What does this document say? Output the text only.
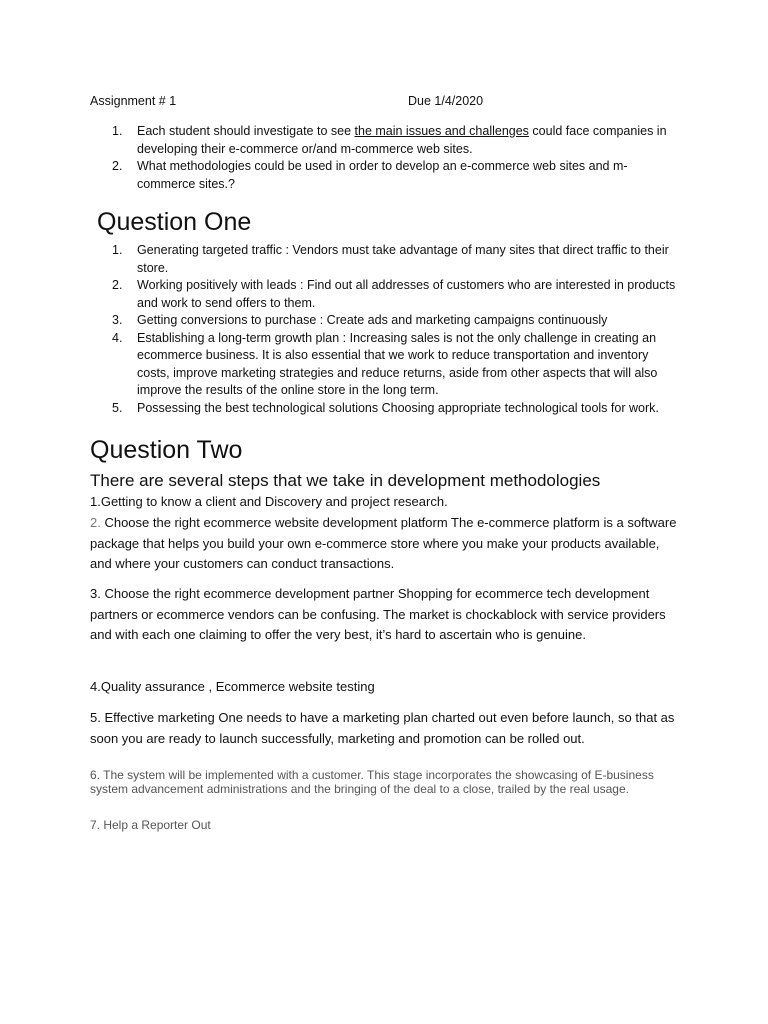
Assignment # 1	Due 1/4/2020
1. Each student should investigate to see the main issues and challenges could face companies in developing their e-commerce or/and m-commerce web sites.
2. What methodologies could be used in order to develop an e-commerce web sites and m-commerce sites.?
Question One
1. Generating targeted traffic : Vendors must take advantage of many sites that direct traffic to their store.
2. Working positively with leads : Find out all addresses of customers who are interested in products and work to send offers to them.
3. Getting conversions to purchase : Create ads and marketing campaigns continuously
4. Establishing a long-term growth plan : Increasing sales is not the only challenge in creating an ecommerce business. It is also essential that we work to reduce transportation and inventory costs, improve marketing strategies and reduce returns, aside from other aspects that will also improve the results of the online store in the long term.
5. Possessing the best technological solutions Choosing appropriate technological tools for work.
Question Two

There are several steps that we take in development methodologies

1.Getting to know a client and Discovery and project research.

2. Choose the right ecommerce website development platform The e-commerce platform is a software package that helps you build your own e-commerce store where you make your products available, and where your customers can conduct transactions.

3. Choose the right ecommerce development partner Shopping for ecommerce tech development partners or ecommerce vendors can be confusing. The market is chockablock with service providers and with each one claiming to offer the very best, it’s hard to ascertain who is genuine.

4.Quality assurance , Ecommerce website testing

5. Effective marketing One needs to have a marketing plan charted out even before launch, so that as soon you are ready to launch successfully, marketing and promotion can be rolled out.

6. The system will be implemented with a customer. This stage incorporates the showcasing of E-business system advancement administrations and the bringing of the deal to a close, trailed by the real usage.

7. Help a Reporter Out
